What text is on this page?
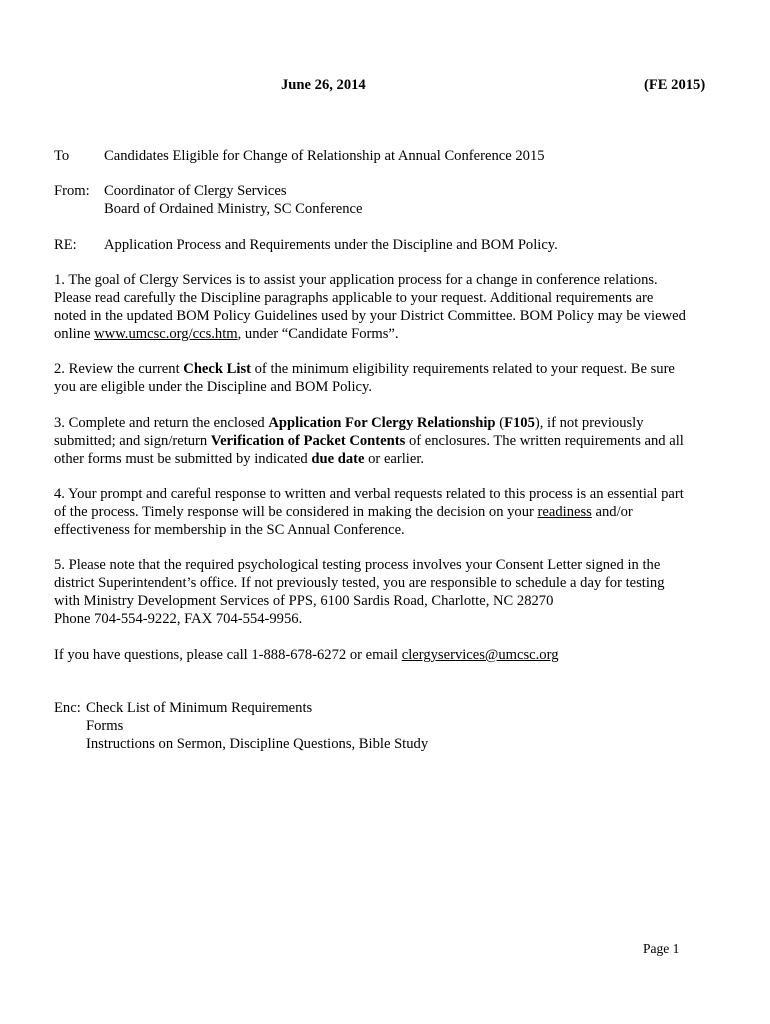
June 26, 2014	(FE 2015)
To Candidates Eligible for Change of Relationship at Annual Conference 2015
From: Coordinator of Clergy Services
Board of Ordained Ministry, SC Conference
RE: Application Process and Requirements under the Discipline and BOM Policy.
1. The goal of Clergy Services is to assist your application process for a change in conference relations.
Please read carefully the Discipline paragraphs applicable to your request. Additional requirements are
noted in the updated BOM Policy Guidelines used by your District Committee. BOM Policy may be viewed
online www.umcsc.org/ccs.htm, under “Candidate Forms”.
2. Review the current Check List of the minimum eligibility requirements related to your request. Be sure
you are eligible under the Discipline and BOM Policy.
3. Complete and return the enclosed Application For Clergy Relationship (F105), if not previously
submitted; and sign/return Verification of Packet Contents of enclosures. The written requirements and all
other forms must be submitted by indicated due date or earlier.
4. Your prompt and careful response to written and verbal requests related to this process is an essential part
of the process. Timely response will be considered in making the decision on your readiness and/or
effectiveness for membership in the SC Annual Conference.
5. Please note that the required psychological testing process involves your Consent Letter signed in the
district Superintendent’s office. If not previously tested, you are responsible to schedule a day for testing
with Ministry Development Services of PPS, 6100 Sardis Road, Charlotte, NC 28270
Phone 704-554-9222, FAX 704-554-9956.
If you have questions, please call 1-888-678-6272 or email clergyservices@umcsc.org
Enc: Check List of Minimum Requirements
Forms
Instructions on Sermon, Discipline Questions, Bible Study
Page 1
